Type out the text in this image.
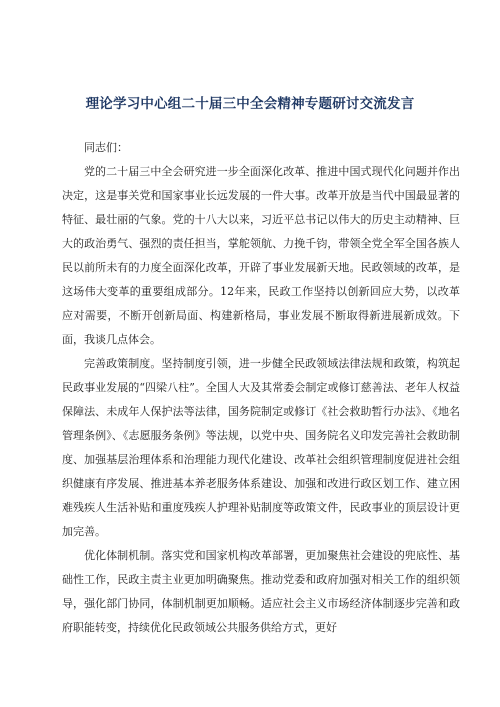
理论学习中心组二十届三中全会精神专题研讨交流发言

同志们：

党的二十届三中全会研究进一步全面深化改革、推进中国式现代化问题并作出决定，这是事关党和国家事业长远发展的一件大事。改革开放是当代中国最显著的特征、最壮丽的气象。党的十八大以来，习近平总书记以伟大的历史主动精神、巨大的政治勇气、强烈的责任担当，掌舵领航、力挽千钧，带领全党全军全国各族人民以前所未有的力度全面深化改革，开辟了事业发展新天地。民政领域的改革，是这场伟大变革的重要组成部分。12年来，民政工作坚持以创新回应大势，以改革应对需要，不断开创新局面、构建新格局，事业发展不断取得新进展新成效。下面，我谈几点体会。

完善政策制度。坚持制度引领，进一步健全民政领域法律法规和政策，构筑起民政事业发展的“四梁八柱”。全国人大及其常委会制定或修订慈善法、老年人权益保障法、未成年人保护法等法律，国务院制定或修订《社会救助暂行办法》、《地名管理条例》、《志愿服务条例》等法规，以党中央、国务院名义印发完善社会救助制度、加强基层治理体系和治理能力现代化建设、改革社会组织管理制度促进社会组织健康有序发展、推进基本养老服务体系建设、加强和改进行政区划工作、建立困难残疾人生活补贴和重度残疾人护理补贴制度等政策文件，民政事业的顶层设计更加完善。

优化体制机制。落实党和国家机构改革部署，更加聚焦社会建设的兜底性、基础性工作，民政主责主业更加明确聚焦。推动党委和政府加强对相关工作的组织领导，强化部门协同，体制机制更加顺畅。适应社会主义市场经济体制逐步完善和政府职能转变，持续优化民政领域公共服务供给方式，更好
